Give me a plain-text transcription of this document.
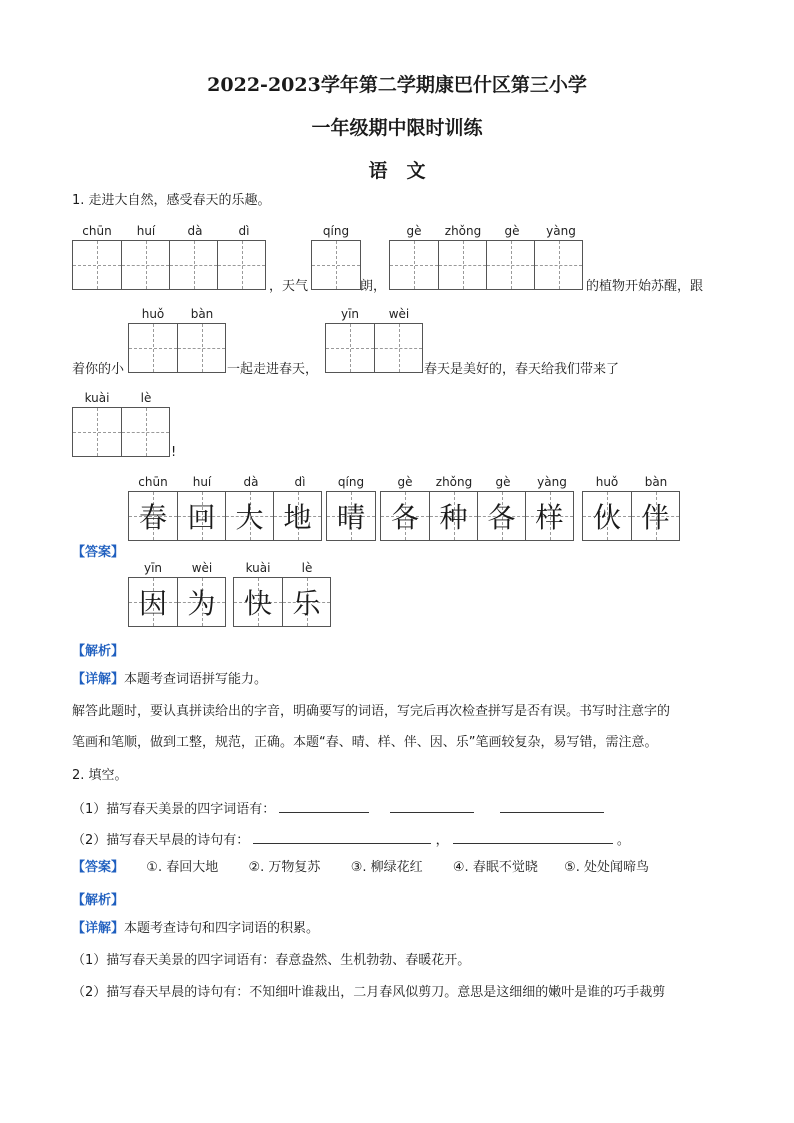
2022-2023学年第二学期康巴什区第三小学
一年级期中限时训练
语　文
1. 走进大自然，感受春天的乐趣。
chūn	huí	dà	dì
，天气
qíng
朗，
gè	zhǒng	gè	yàng
的植物开始苏醒，跟
着你的小
huǒ	bàn
一起走进春天，
yīn	wèi
春天是美好的，春天给我们带来了
kuài	lè
!
chūn	huí	dà	dì
春 回 大 地
qíng
晴
gè	zhǒng	gè	yàng
各 种 各 样
huǒ	bàn
伙 伴
【答案】
yīn	wèi
因 为
kuài	lè
快 乐
【解析】
【详解】本题考查词语拼写能力。
解答此题时，要认真拼读给出的字音，明确要写的词语，写完后再次检查拼写是否有误。书写时注意字的
笔画和笔顺，做到工整，规范，正确。本题“春、晴、样、伴、因、乐”笔画较复杂，易写错，需注意。
2. 填空。
（1）描写春天美景的四字词语有：
（2）描写春天早晨的诗句有：	，	。
【答案】 ①. 春回大地 ②. 万物复苏 ③. 柳绿花红 ④. 春眠不觉晓 ⑤. 处处闻啼鸟
【解析】
【详解】本题考查诗句和四字词语的积累。
（1）描写春天美景的四字词语有：春意盎然、生机勃勃、春暖花开。
（2）描写春天早晨的诗句有：不知细叶谁裁出，二月春风似剪刀。意思是这细细的嫩叶是谁的巧手裁剪
